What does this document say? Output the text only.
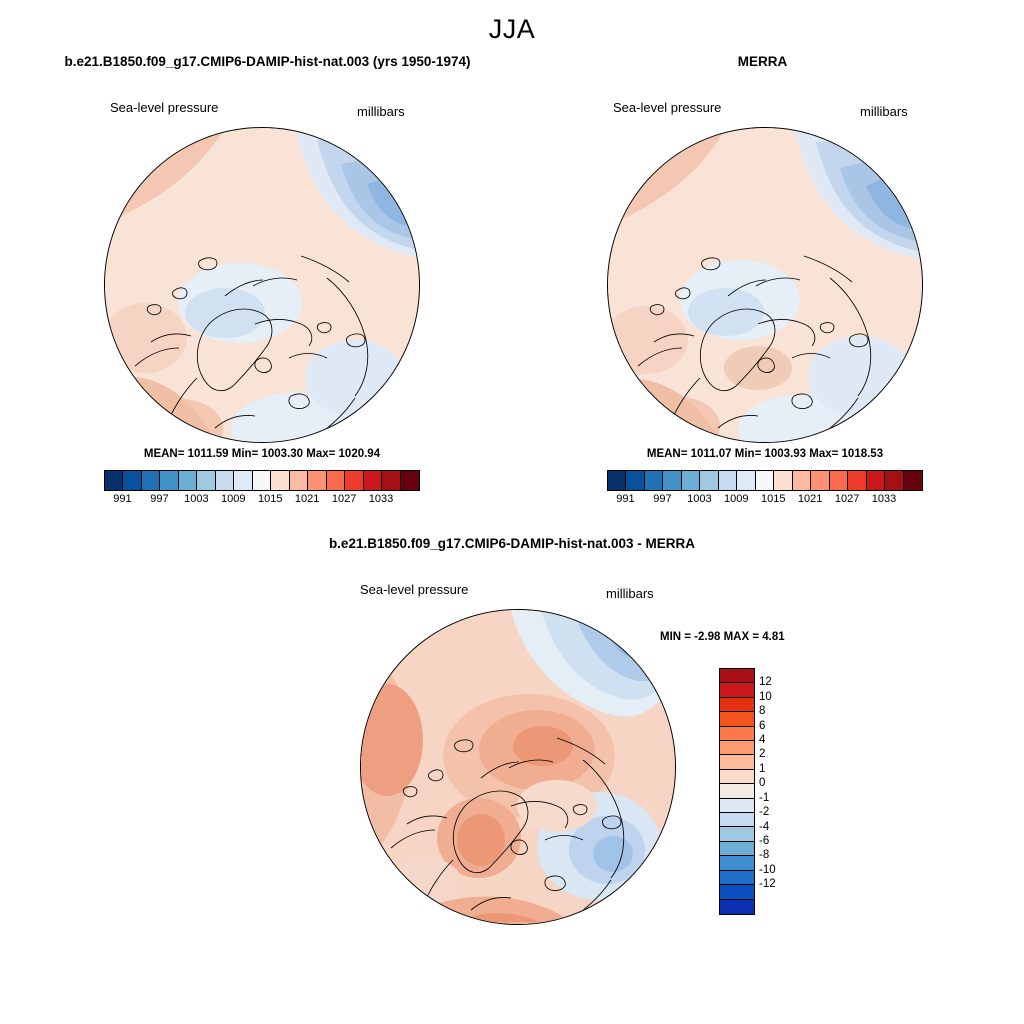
JJA
b.e21.B1850.f09_g17.CMIP6-DAMIP-hist-nat.003 (yrs 1950-1974)
Sea-level pressure	millibars
MEAN= 1011.59 Min= 1003.30 Max= 1020.94
991 997 1003 1009 1015 1021 1027 1033
MERRA
Sea-level pressure	millibars
MEAN= 1011.07 Min= 1003.93 Max= 1018.53
991 997 1003 1009 1015 1021 1027 1033
b.e21.B1850.f09_g17.CMIP6-DAMIP-hist-nat.003 - MERRA
Sea-level pressure	millibars
MIN = -2.98 MAX = 4.81
12
10
8
6
4
2
1
0
-1
-2
-4
-6
-8
-10
-12
